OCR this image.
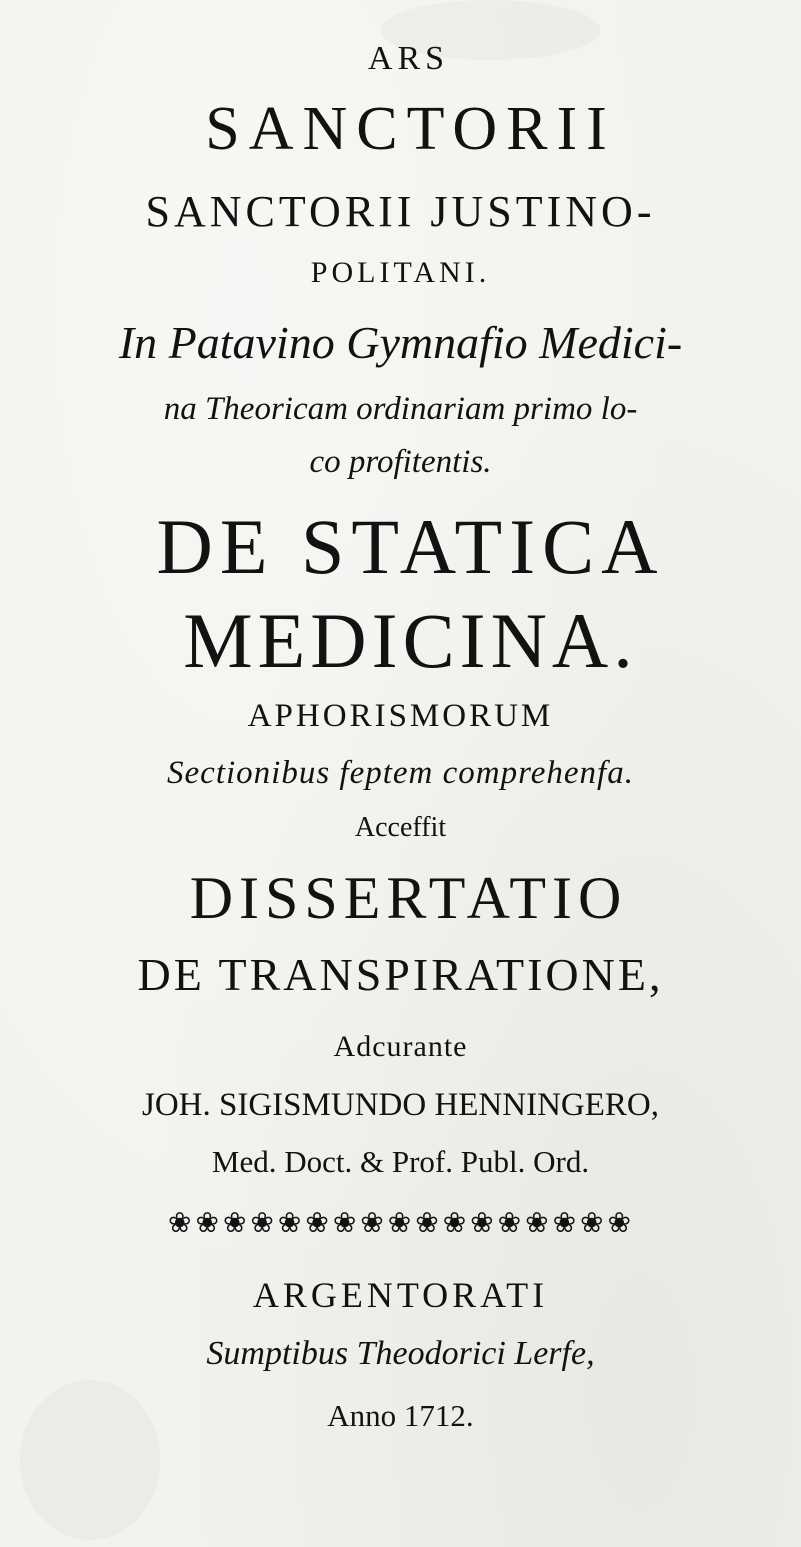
ARS
SANCTORII
SANCTORII JUSTINO-
POLITANI.
In Patavino Gymnafio Medici-
na Theoricam ordinariam primo lo-
co profitentis.
DE STATICA
MEDICINA.
APHORISMORUM
Sectionibus feptem comprehenfa.
Acceffit
DISSERTATIO
DE TRANSPIRATIONE,
Adcurante
JOH. SIGISMUNDO HENNINGERO,
Med. Doct. & Prof. Publ. Ord.
❀❀❀❀❀❀❀❀❀❀❀❀❀❀❀❀❀
ARGENTORATI
Sumptibus Theodorici Lerfe,
Anno 1712.
